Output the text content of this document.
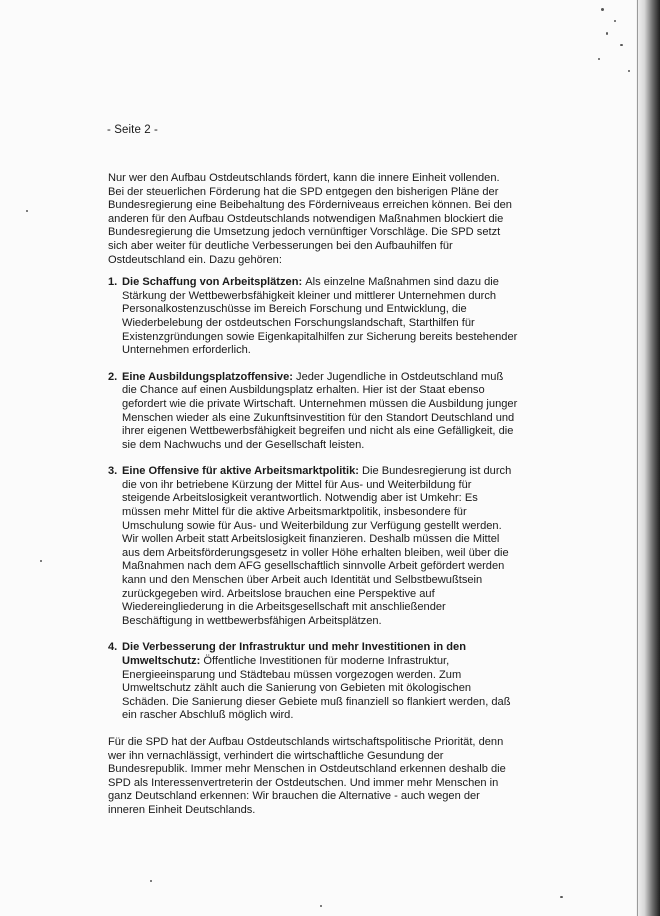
- Seite 2 -

Nur wer den Aufbau Ostdeutschlands fördert, kann die innere Einheit vollenden. Bei der steuerlichen Förderung hat die SPD entgegen den bisherigen Pläne der Bundesregierung eine Beibehaltung des Förderniveaus erreichen können. Bei den anderen für den Aufbau Ostdeutschlands notwendigen Maßnahmen blockiert die Bundesregierung die Umsetzung jedoch vernünftiger Vorschläge. Die SPD setzt sich aber weiter für deutliche Verbesserungen bei den Aufbauhilfen für Ostdeutschland ein. Dazu gehören:

1. Die Schaffung von Arbeitsplätzen: Als einzelne Maßnahmen sind dazu die Stärkung der Wettbewerbsfähigkeit kleiner und mittlerer Unternehmen durch Personalkostenzuschüsse im Bereich Forschung und Entwicklung, die Wiederbelebung der ostdeutschen Forschungslandschaft, Starthilfen für Existenzgründungen sowie Eigenkapitalhilfen zur Sicherung bereits bestehender Unternehmen erforderlich.
2. Eine Ausbildungsplatzoffensive: Jeder Jugendliche in Ostdeutschland muß die Chance auf einen Ausbildungsplatz erhalten. Hier ist der Staat ebenso gefordert wie die private Wirtschaft. Unternehmen müssen die Ausbildung junger Menschen wieder als eine Zukunftsinvestition für den Standort Deutschland und ihrer eigenen Wettbewerbsfähigkeit begreifen und nicht als eine Gefälligkeit, die sie dem Nachwuchs und der Gesellschaft leisten.
3. Eine Offensive für aktive Arbeitsmarktpolitik: Die Bundesregierung ist durch die von ihr betriebene Kürzung der Mittel für Aus- und Weiterbildung für steigende Arbeitslosigkeit verantwortlich. Notwendig aber ist Umkehr: Es müssen mehr Mittel für die aktive Arbeitsmarktpolitik, insbesondere für Umschulung sowie für Aus- und Weiterbildung zur Verfügung gestellt werden. Wir wollen Arbeit statt Arbeitslosigkeit finanzieren. Deshalb müssen die Mittel aus dem Arbeitsförderungsgesetz in voller Höhe erhalten bleiben, weil über die Maßnahmen nach dem AFG gesellschaftlich sinnvolle Arbeit gefördert werden kann und den Menschen über Arbeit auch Identität und Selbstbewußtsein zurückgegeben wird. Arbeitslose brauchen eine Perspektive auf Wiedereingliederung in die Arbeitsgesellschaft mit anschließender Beschäftigung in wettbewerbsfähigen Arbeitsplätzen.
4. Die Verbesserung der Infrastruktur und mehr Investitionen in den Umweltschutz: Öffentliche Investitionen für moderne Infrastruktur, Energieeinsparung und Städtebau müssen vorgezogen werden. Zum Umweltschutz zählt auch die Sanierung von Gebieten mit ökologischen Schäden. Die Sanierung dieser Gebiete muß finanziell so flankiert werden, daß ein rascher Abschluß möglich wird.

Für die SPD hat der Aufbau Ostdeutschlands wirtschaftspolitische Priorität, denn wer ihn vernachlässigt, verhindert die wirtschaftliche Gesundung der Bundesrepublik. Immer mehr Menschen in Ostdeutschland erkennen deshalb die SPD als Interessenvertreterin der Ostdeutschen. Und immer mehr Menschen in ganz Deutschland erkennen: Wir brauchen die Alternative - auch wegen der inneren Einheit Deutschlands.
